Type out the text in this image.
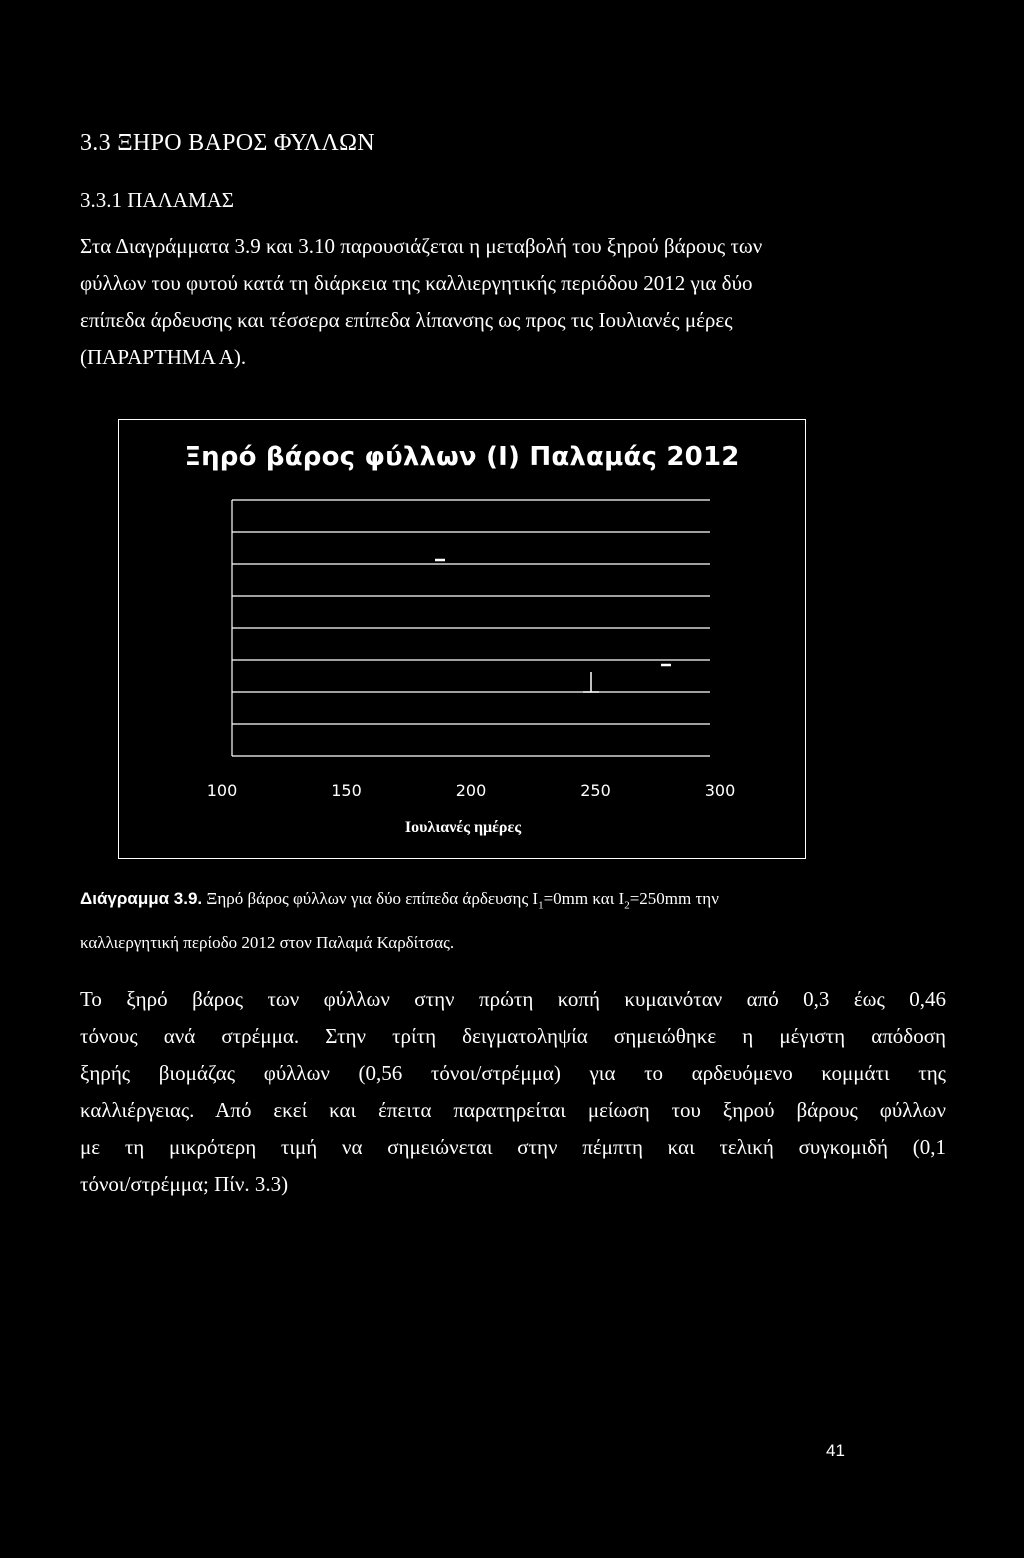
3.3 ΞΗΡΟ ΒΑΡΟΣ ΦΥΛΛΩΝ
3.3.1 ΠΑΛΑΜΑΣ
Στα Διαγράμματα 3.9 και 3.10 παρουσιάζεται η μεταβολή του ξηρού βάρους των
φύλλων του φυτού κατά τη διάρκεια της καλλιεργητικής περιόδου 2012 για δύο
επίπεδα άρδευσης και τέσσερα επίπεδα λίπανσης ως προς τις Ιουλιανές μέρες
(ΠΑΡΑΡΤΗΜΑ Α).
Ξηρό βάρος φύλλων (Ι) Παλαμάς 2012
100	150	200	250	300
Ιουλιανές ημέρες
Διάγραμμα 3.9. Ξηρό βάρος φύλλων για δύο επίπεδα άρδευσης $I_1=0mm$ και $I_2=250mm$ την
καλλιεργητική περίοδο 2012 στον Παλαμά Καρδίτσας.
Το ξηρό βάρος των φύλλων στην πρώτη κοπή κυμαινόταν από 0,3 έως 0,46
τόνους ανά στρέμμα. Στην τρίτη δειγματοληψία σημειώθηκε η μέγιστη απόδοση
ξηρής βιομάζας φύλλων (0,56 τόνοι/στρέμμα) για το αρδευόμενο κομμάτι της
καλλιέργειας. Από εκεί και έπειτα παρατηρείται μείωση του ξηρού βάρους φύλλων
με τη μικρότερη τιμή να σημειώνεται στην πέμπτη και τελική συγκομιδή (0,1
τόνοι/στρέμμα; Πίν. 3.3)
41
